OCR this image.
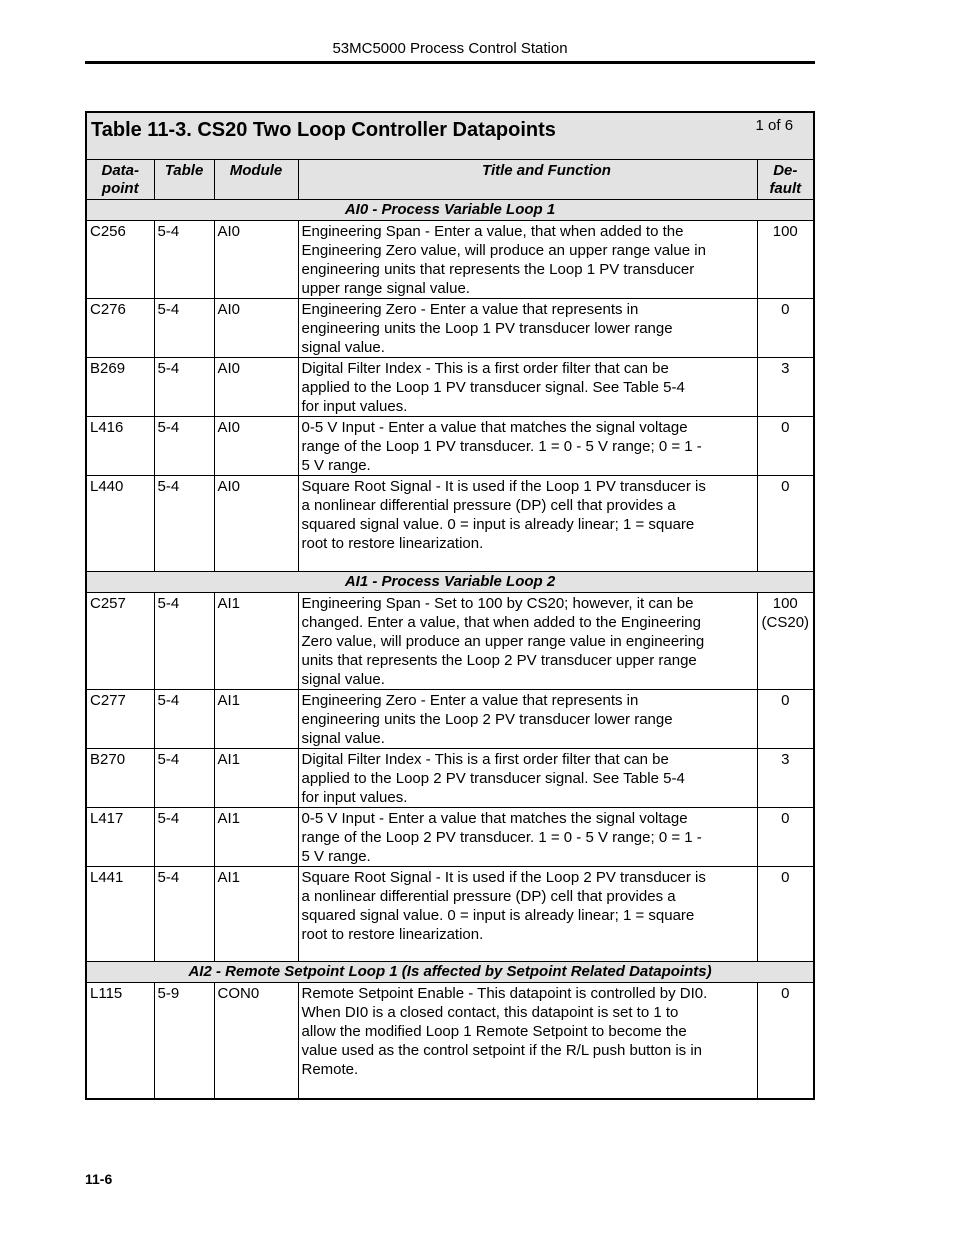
53MC5000 Process Control Station
Table 11-3. CS20 Two Loop Controller Datapoints 1 of 6				

Data-
point	Table	Module	Title and Function	De-
fault
AI0 - Process Variable Loop 1				
C256	5-4	AI0	Engineering Span - Enter a value, that when added to the
Engineering Zero value, will produce an upper range value in
engineering units that represents the Loop 1 PV transducer
upper range signal value.	100
C276	5-4	AI0	Engineering Zero - Enter a value that represents in
engineering units the Loop 1 PV transducer lower range
signal value.	0
B269	5-4	AI0	Digital Filter Index - This is a first order filter that can be
applied to the Loop 1 PV transducer signal. See Table 5-4
for input values.	3
L416	5-4	AI0	0-5 V Input - Enter a value that matches the signal voltage
range of the Loop 1 PV transducer. 1 = 0 - 5 V range; 0 = 1 -
5 V range.	0
L440	5-4	AI0	Square Root Signal - It is used if the Loop 1 PV transducer is
a nonlinear differential pressure (DP) cell that provides a
squared signal value. 0 = input is already linear; 1 = square
root to restore linearization.	0
AI1 - Process Variable Loop 2				
C257	5-4	AI1	Engineering Span - Set to 100 by CS20; however, it can be
changed. Enter a value, that when added to the Engineering
Zero value, will produce an upper range value in engineering
units that represents the Loop 2 PV transducer upper range
signal value.	100
(CS20)
C277	5-4	AI1	Engineering Zero - Enter a value that represents in
engineering units the Loop 2 PV transducer lower range
signal value.	0
B270	5-4	AI1	Digital Filter Index - This is a first order filter that can be
applied to the Loop 2 PV transducer signal. See Table 5-4
for input values.	3
L417	5-4	AI1	0-5 V Input - Enter a value that matches the signal voltage
range of the Loop 2 PV transducer. 1 = 0 - 5 V range; 0 = 1 -
5 V range.	0
L441	5-4	AI1	Square Root Signal - It is used if the Loop 2 PV transducer is
a nonlinear differential pressure (DP) cell that provides a
squared signal value. 0 = input is already linear; 1 = square
root to restore linearization.	0
AI2 - Remote Setpoint Loop 1 (Is affected by Setpoint Related Datapoints)				
L115	5-9	CON0	Remote Setpoint Enable - This datapoint is controlled by DI0.
When DI0 is a closed contact, this datapoint is set to 1 to
allow the modified Loop 1 Remote Setpoint to become the
value used as the control setpoint if the R/L push button is in
Remote.	0
11-6
